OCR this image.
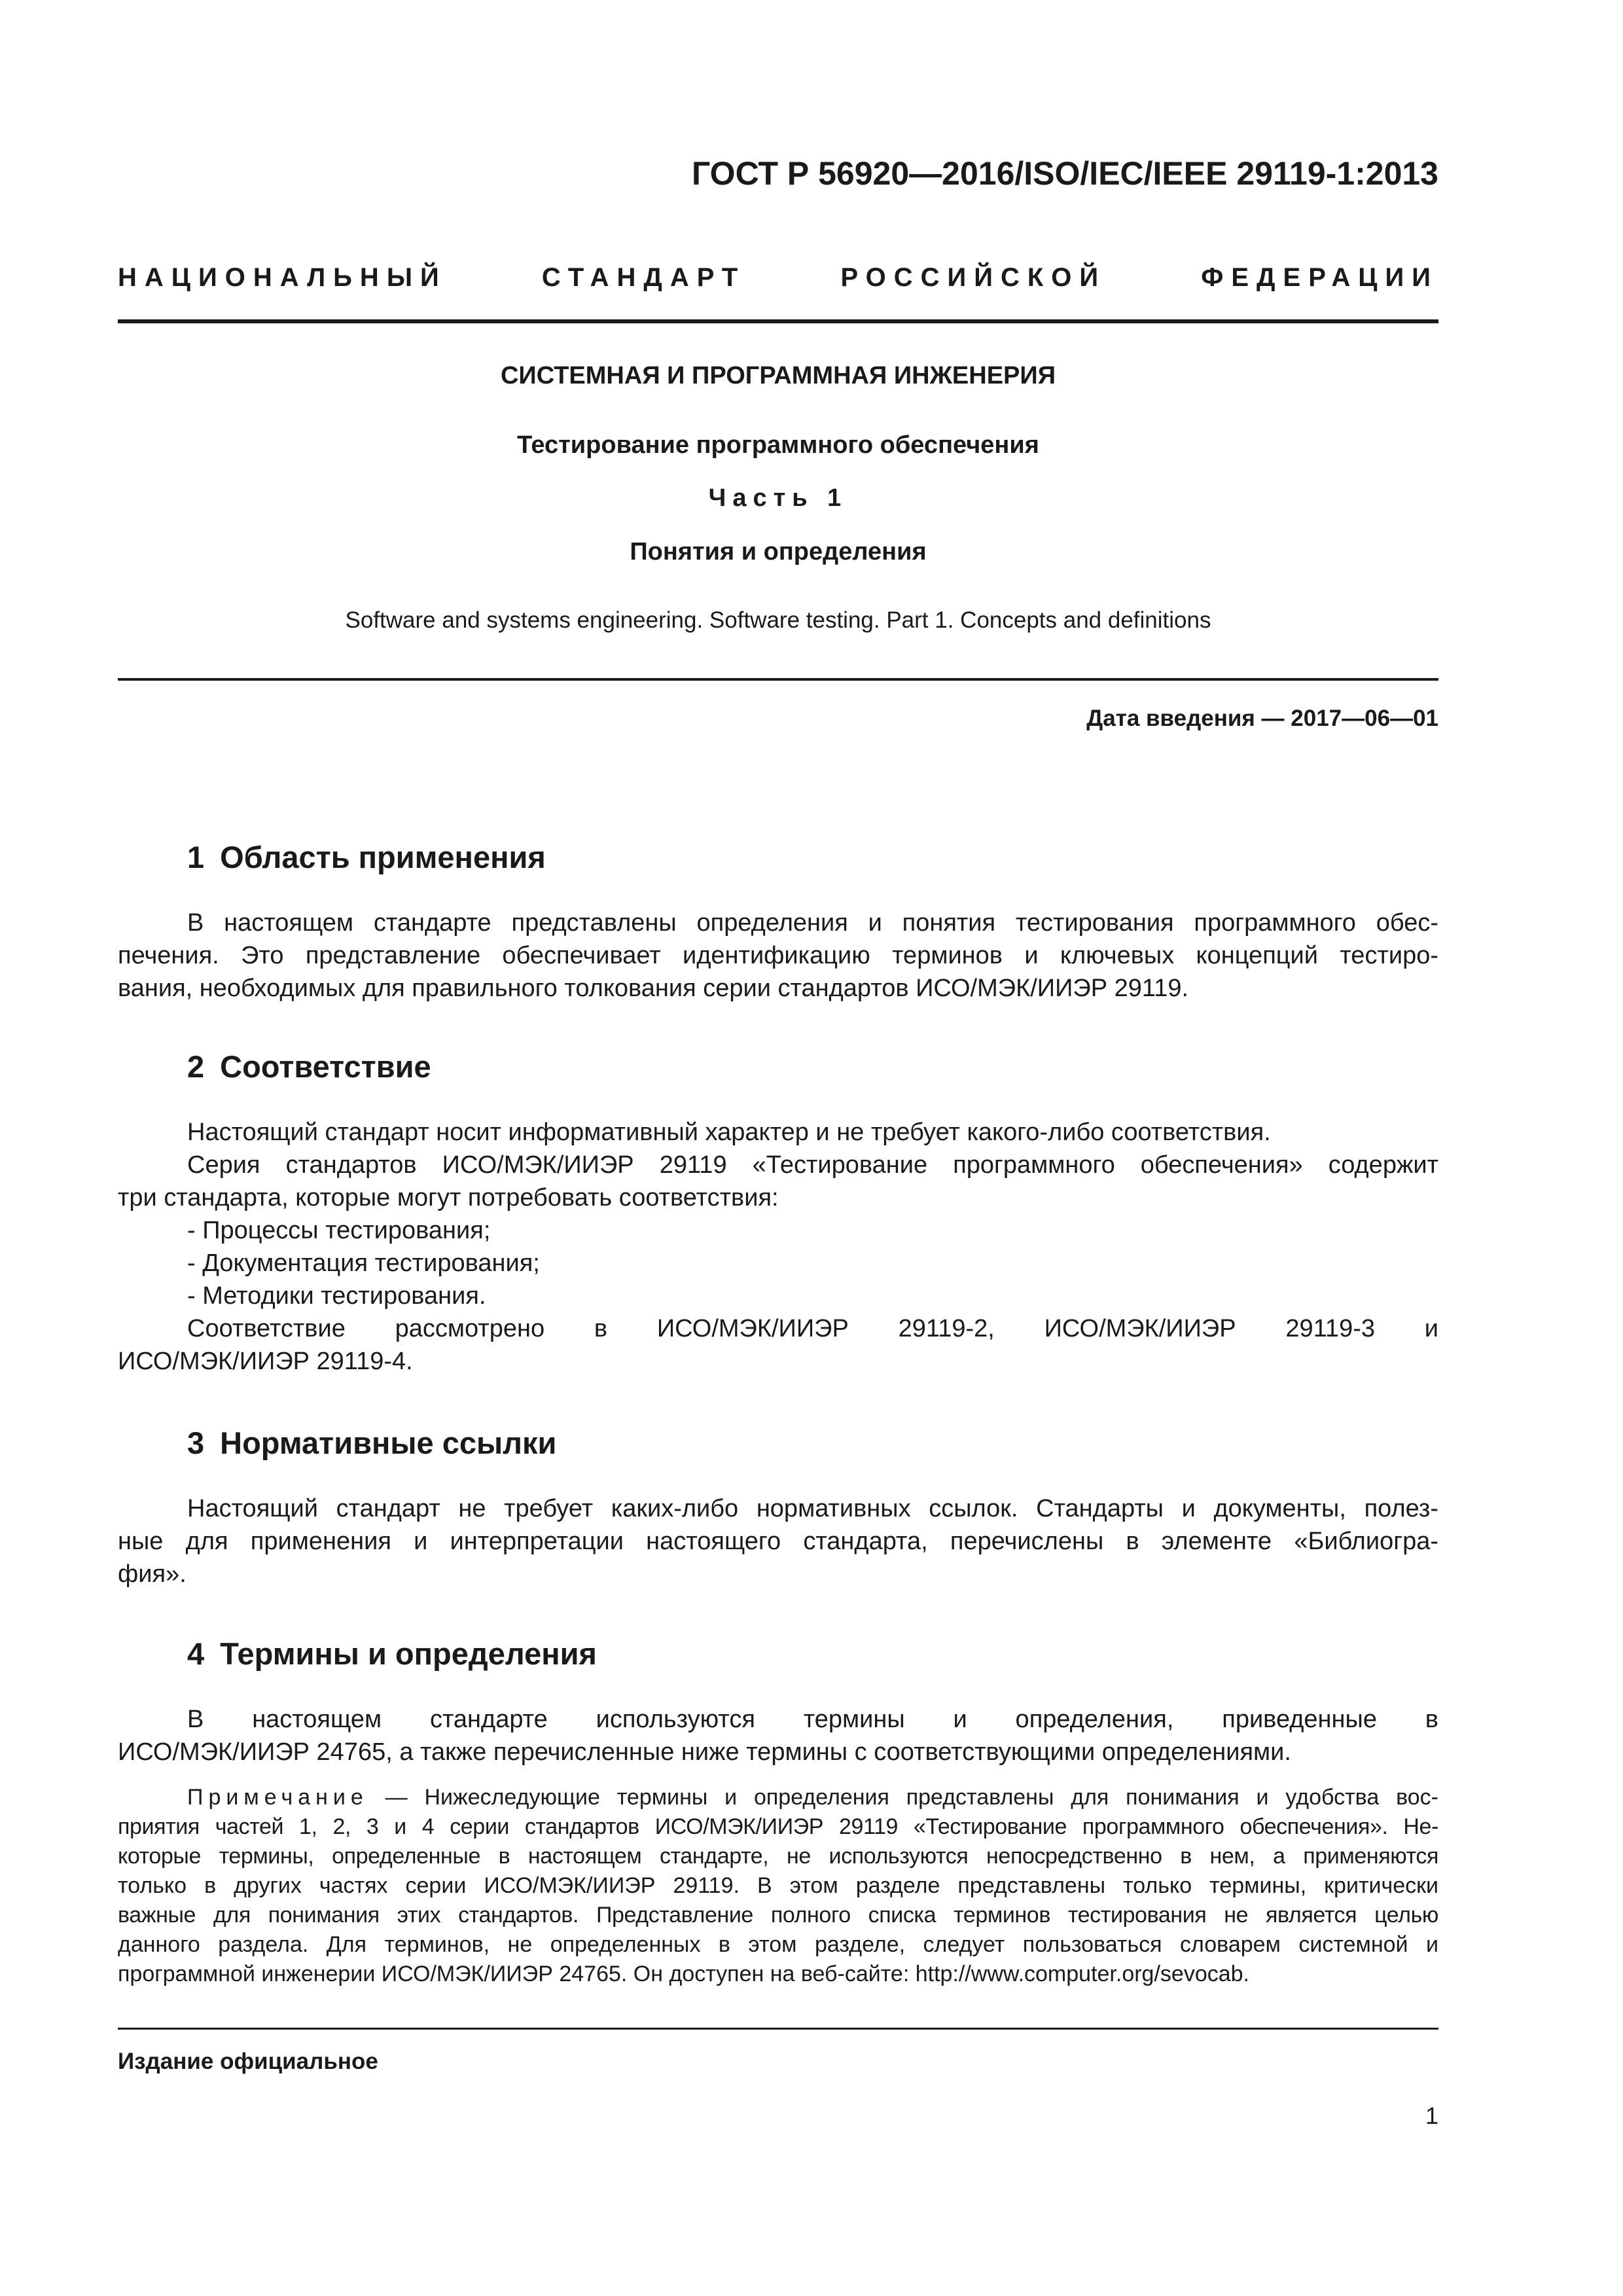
ГОСТ Р 56920—2016/ISO/IEC/IEEE 29119-1:2013
НАЦИОНАЛЬНЫЙ	СТАНДАРТ	РОССИЙСКОЙ	ФЕДЕРАЦИИ
СИСТЕМНАЯ И ПРОГРАММНАЯ ИНЖЕНЕРИЯ
Тестирование программного обеспечения
Часть 1
Понятия и определения
Software and systems engineering. Software testing. Part 1. Concepts and definitions
Дата введения — 2017—06—01
1 Область применения
В настоящем стандарте представлены определения и понятия тестирования программного обес-
печения. Это представление обеспечивает идентификацию терминов и ключевых концепций тестиро-
вания, необходимых для правильного толкования серии стандартов ИСО/МЭК/ИИЭР 29119.
2 Соответствие
Настоящий стандарт носит информативный характер и не требует какого-либо соответствия.
Серия стандартов ИСО/МЭК/ИИЭР 29119 «Тестирование программного обеспечения» содержит
три стандарта, которые могут потребовать соответствия:
- Процессы тестирования;
- Документация тестирования;
- Методики тестирования.
Соответствие рассмотрено в ИСО/МЭК/ИИЭР 29119-2, ИСО/МЭК/ИИЭР 29119-3 и
ИСО/МЭК/ИИЭР 29119-4.
3 Нормативные ссылки
Настоящий стандарт не требует каких-либо нормативных ссылок. Стандарты и документы, полез-
ные для применения и интерпретации настоящего стандарта, перечислены в элементе «Библиогра-
фия».
4 Термины и определения
В настоящем стандарте используются термины и определения, приведенные в
ИСО/МЭК/ИИЭР 24765, а также перечисленные ниже термины с соответствующими определениями.
Примечание — Нижеследующие термины и определения представлены для понимания и удобства вос-
приятия частей 1, 2, 3 и 4 серии стандартов ИСО/МЭК/ИИЭР 29119 «Тестирование программного обеспечения». Не-
которые термины, определенные в настоящем стандарте, не используются непосредственно в нем, а применяются
только в других частях серии ИСО/МЭК/ИИЭР 29119. В этом разделе представлены только термины, критически
важные для понимания этих стандартов. Представление полного списка терминов тестирования не является целью
данного раздела. Для терминов, не определенных в этом разделе, следует пользоваться словарем системной и
программной инженерии ИСО/МЭК/ИИЭР 24765. Он доступен на веб-сайте: http://www.computer.org/sevocab.
Издание официальное
1
